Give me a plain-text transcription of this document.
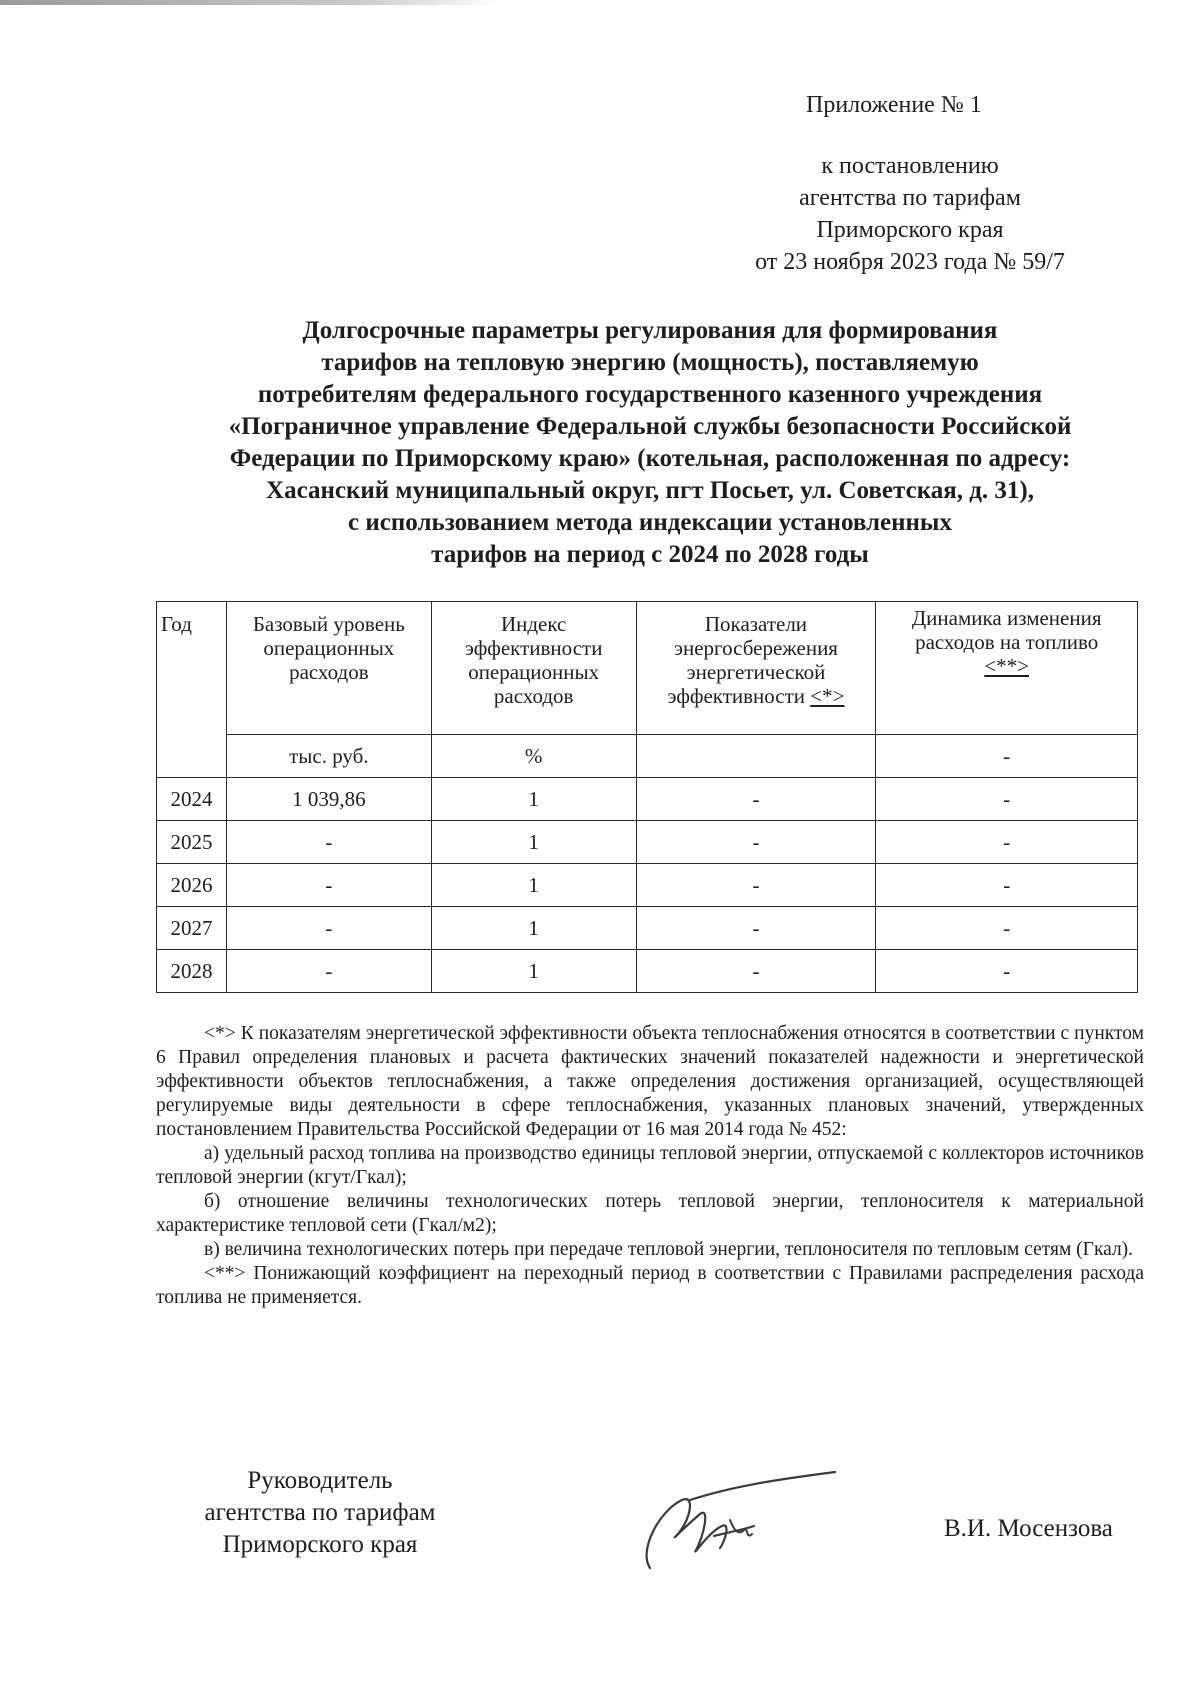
Приложение № 1
к постановлению
агентства по тарифам
Приморского края
от 23 ноября 2023 года № 59/7
Долгосрочные параметры регулирования для формирования
тарифов на тепловую энергию (мощность), поставляемую
потребителям федерального государственного казенного учреждения
«Пограничное управление Федеральной службы безопасности Российской
Федерации по Приморскому краю» (котельная, расположенная по адресу:
Хасанский муниципальный округ, пгт Посьет, ул. Советская, д. 31),
с использованием метода индексации установленных
тарифов на период с 2024 по 2028 годы
Год	Базовый уровень операционных расходов	Индекс эффективности операционных расходов	Показатели энергосбережения энергетической эффективности <*>	Динамика изменения расходов на топливо
<**>
	тыс. руб.	%		-
2024	1 039,86	1	-	-
2025	-	1	-	-
2026	-	1	-	-
2027	-	1	-	-
2028	-	1	-	-

<*> К показателям энергетической эффективности объекта теплоснабжения относятся в соответствии с пунктом 6 Правил определения плановых и расчета фактических значений показателей надежности и энергетической эффективности объектов теплоснабжения, а также определения достижения организацией, осуществляющей регулируемые виды деятельности в сфере теплоснабжения, указанных плановых значений, утвержденных постановлением Правительства Российской Федерации от 16 мая 2014 года № 452:

а) удельный расход топлива на производство единицы тепловой энергии, отпускаемой с коллекторов источников тепловой энергии (кгут/Гкал);

б) отношение величины технологических потерь тепловой энергии, теплоносителя к материальной характеристике тепловой сети (Гкал/м2);

в) величина технологических потерь при передаче тепловой энергии, теплоносителя по тепловым сетям (Гкал).

<**> Понижающий коэффициент на переходный период в соответствии с Правилами распределения расхода топлива не применяется.

Руководитель
агентства по тарифам
Приморского края
В.И. Мосензова
